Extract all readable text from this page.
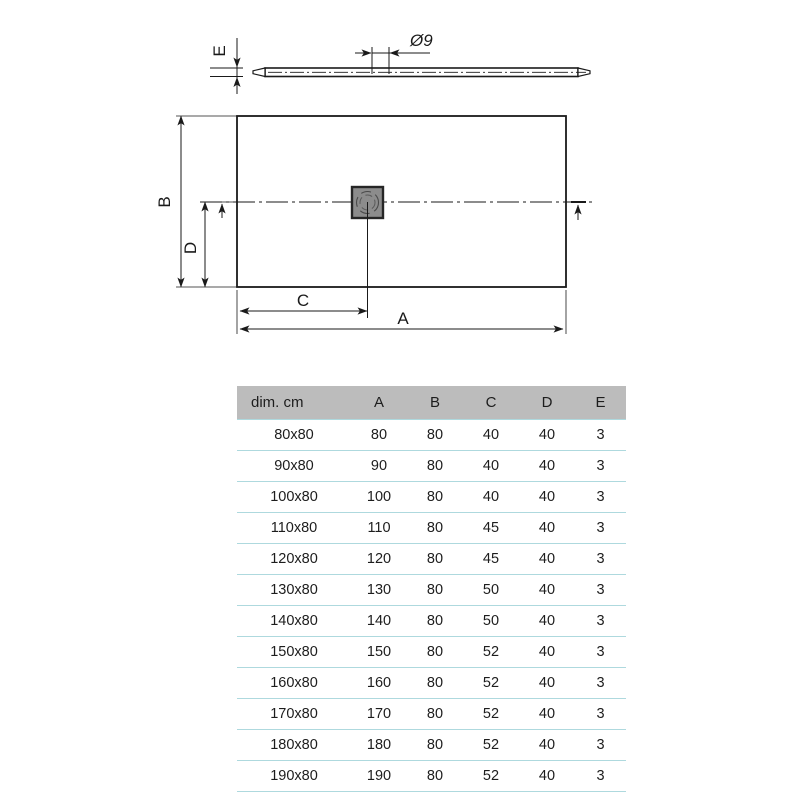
E
Ø9
B
D
C
A
dim. cm	A	B	C	D	E
80x80	80	80	40	40	3
90x80	90	80	40	40	3
100x80	100	80	40	40	3
110x80	110	80	45	40	3
120x80	120	80	45	40	3
130x80	130	80	50	40	3
140x80	140	80	50	40	3
150x80	150	80	52	40	3
160x80	160	80	52	40	3
170x80	170	80	52	40	3
180x80	180	80	52	40	3
190x80	190	80	52	40	3
